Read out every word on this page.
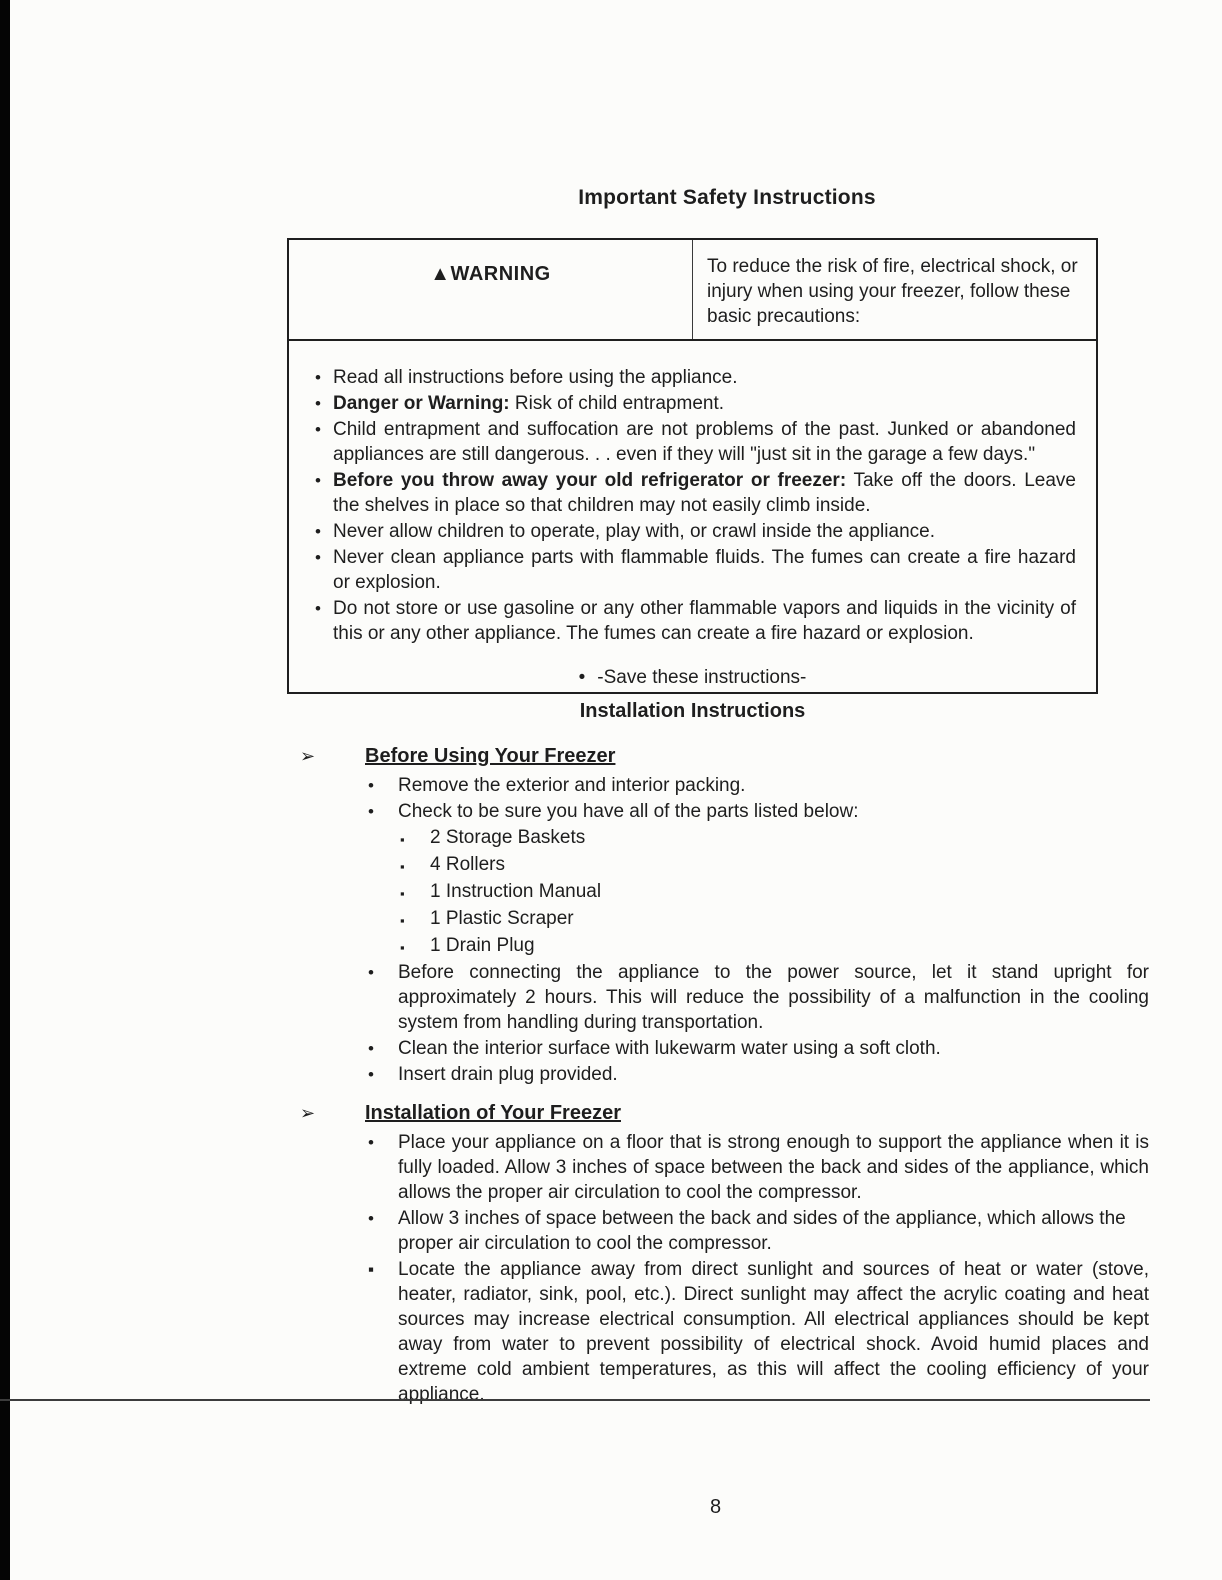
Important Safety Instructions
▲WARNING	To reduce the risk of fire, electrical shock, or injury when using your freezer, follow these basic precautions:
• Read all instructions before using the appliance.
• Danger or Warning: Risk of child entrapment.
• Child entrapment and suffocation are not problems of the past. Junked or abandoned appliances are still dangerous. . . even if they will "just sit in the garage a few days."
• Before you throw away your old refrigerator or freezer: Take off the doors. Leave the shelves in place so that children may not easily climb inside.
• Never allow children to operate, play with, or crawl inside the appliance.
• Never clean appliance parts with flammable fluids. The fumes can create a fire hazard or explosion.
• Do not store or use gasoline or any other flammable vapors and liquids in the vicinity of this or any other appliance. The fumes can create a fire hazard or explosion.
• -Save these instructions-
Installation Instructions
➢	Before Using Your Freezer
•	Remove the exterior and interior packing.
•	Check to be sure you have all of the parts listed below:
▪	2 Storage Baskets
▪	4 Rollers
▪	1 Instruction Manual
▪	1 Plastic Scraper
▪	1 Drain Plug
•	Before connecting the appliance to the power source, let it stand upright for approximately 2 hours. This will reduce the possibility of a malfunction in the cooling system from handling during transportation.
•	Clean the interior surface with lukewarm water using a soft cloth.
•	Insert drain plug provided.
➢	Installation of Your Freezer
•	Place your appliance on a floor that is strong enough to support the appliance when it is fully loaded. Allow 3 inches of space between the back and sides of the appliance, which allows the proper air circulation to cool the compressor.
•	Allow 3 inches of space between the back and sides of the appliance, which allows the proper air circulation to cool the compressor.
▪	Locate the appliance away from direct sunlight and sources of heat or water (stove, heater, radiator, sink, pool, etc.). Direct sunlight may affect the acrylic coating and heat sources may increase electrical consumption. All electrical appliances should be kept away from water to prevent possibility of electrical shock. Avoid humid places and extreme cold ambient temperatures, as this will affect the cooling efficiency of your appliance.
8
